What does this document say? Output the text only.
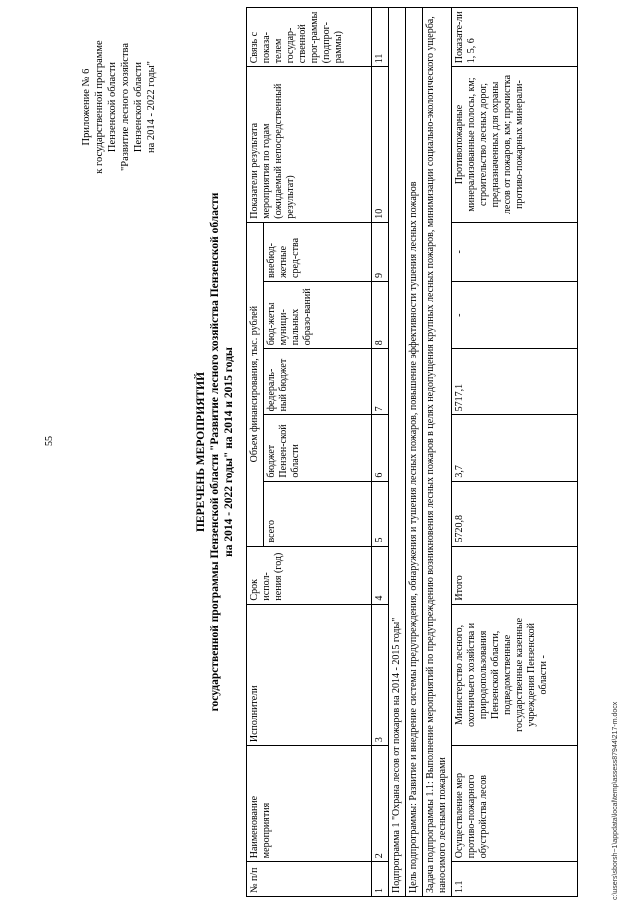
55
Приложение № 6 к государственной программе Пензенской области "Развитие лесного хозяйства Пензенской области на 2014 - 2022 годы"
ПЕРЕЧЕНЬ МЕРОПРИЯТИЙ государственной программы Пензенской области "Развитие лесного хозяйства Пензенской области на 2014 - 2022 годы" на 2014 и 2015 годы
№ п/п	Наименование мероприятия	Исполнители	Срок испол-нения (год)	Объем финансирования, тыс. рублей					Показатели результата мероприятия по годам (ожидаемый непосредственный результат)	Связь с показа-телем государ-ственной прог-раммы (подпрог-раммы)
				всего	бюджет Пензен-ской области	федераль-ный бюджет	бюд-жеты муници-пальных образо-ваний	внебюд-жетные сред-ства		
1	2	3	4	5	6	7	8	9	10	11
Подпрограмма 1 "Охрана лесов от пожаров на 2014 - 2015 годы"										
Цель подпрограммы: Развитие и внедрение системы предупреждения, обнаружения и тушения лесных пожаров, повышение эффективности тушения лесных пожаров										
Задача подпрограммы 1.1: Выполнение мероприятий по предупреждению возникновения лесных пожаров в целях недопущения крупных лесных пожаров, минимизации социально-экологического ущерба, наносимого лесными пожарами										
1.1	Осуществление мер противо-пожарного обустройства лесов	Министерство лесного, охотничьего хозяйства и природопользования Пензенской области, подведомственные государственные казенные учреждения Пензенской области -	Итого	5720,8	3,7	5717,1	-	-	Противопожарные минерализованные полосы, км; строительство лесных дорог, предназначенных для охраны лесов от пожаров, км; прочистка противо-пожарных минерали-	Показате-ли 1, 5, 6
c:\users\sborsh~1\appdata\local\temp\assess87944\217-m.docx
